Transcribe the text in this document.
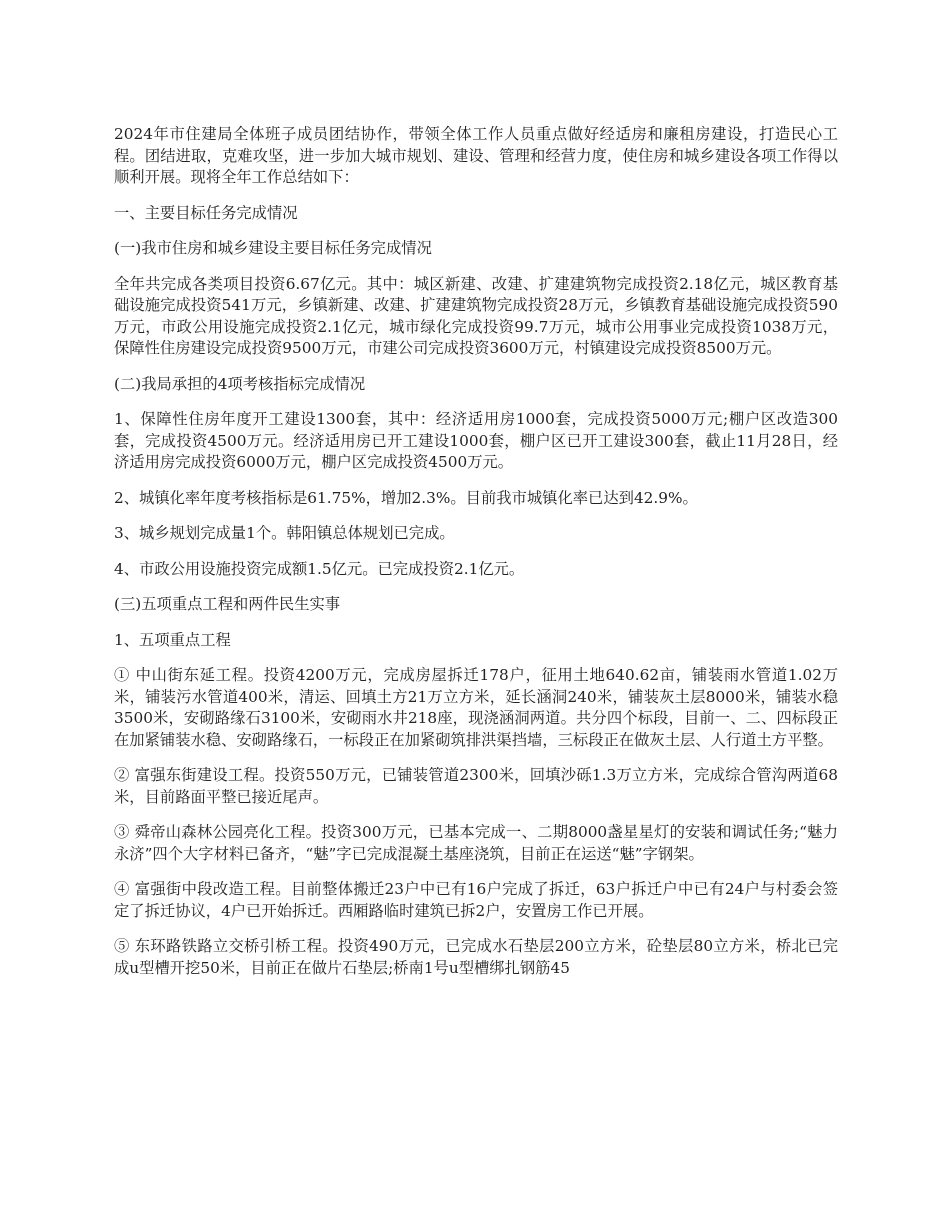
2024年市住建局全体班子成员团结协作，带领全体工作人员重点做好经适房和廉租房建设，打造民心工程。团结进取，克难攻坚，进一步加大城市规划、建设、管理和经营力度，使住房和城乡建设各项工作得以顺利开展。现将全年工作总结如下：

一、主要目标任务完成情况

(一)我市住房和城乡建设主要目标任务完成情况

全年共完成各类项目投资6.67亿元。其中：城区新建、改建、扩建建筑物完成投资2.18亿元，城区教育基础设施完成投资541万元，乡镇新建、改建、扩建建筑物完成投资28万元，乡镇教育基础设施完成投资590万元，市政公用设施完成投资2.1亿元，城市绿化完成投资99.7万元，城市公用事业完成投资1038万元，保障性住房建设完成投资9500万元，市建公司完成投资3600万元，村镇建设完成投资8500万元。

(二)我局承担的4项考核指标完成情况

1、保障性住房年度开工建设1300套，其中：经济适用房1000套，完成投资5000万元;棚户区改造300套，完成投资4500万元。经济适用房已开工建设1000套，棚户区已开工建设300套，截止11月28日，经济适用房完成投资6000万元，棚户区完成投资4500万元。

2、城镇化率年度考核指标是61.75%，增加2.3%。目前我市城镇化率已达到42.9%。

3、城乡规划完成量1个。韩阳镇总体规划已完成。

4、市政公用设施投资完成额1.5亿元。已完成投资2.1亿元。

(三)五项重点工程和两件民生实事

1、五项重点工程

① 中山街东延工程。投资4200万元，完成房屋拆迁178户，征用土地640.62亩，铺装雨水管道1.02万米，铺装污水管道400米，清运、回填土方21万立方米，延长涵洞240米，铺装灰土层8000米，铺装水稳3500米，安砌路缘石3100米，安砌雨水井218座，现浇涵洞两道。共分四个标段，目前一、二、四标段正在加紧铺装水稳、安砌路缘石，一标段正在加紧砌筑排洪渠挡墙，三标段正在做灰土层、人行道土方平整。

② 富强东街建设工程。投资550万元，已铺装管道2300米，回填沙砾1.3万立方米，完成综合管沟两道68米，目前路面平整已接近尾声。

③ 舜帝山森林公园亮化工程。投资300万元，已基本完成一、二期8000盏星星灯的安装和调试任务;“魅力永济”四个大字材料已备齐，“魅”字已完成混凝土基座浇筑，目前正在运送“魅”字钢架。

④ 富强街中段改造工程。目前整体搬迁23户中已有16户完成了拆迁，63户拆迁户中已有24户与村委会签定了拆迁协议，4户已开始拆迁。西厢路临时建筑已拆2户，安置房工作已开展。

⑤ 东环路铁路立交桥引桥工程。投资490万元，已完成水石垫层200立方米，砼垫层80立方米，桥北已完成u型槽开挖50米，目前正在做片石垫层;桥南1号u型槽绑扎钢筋45
